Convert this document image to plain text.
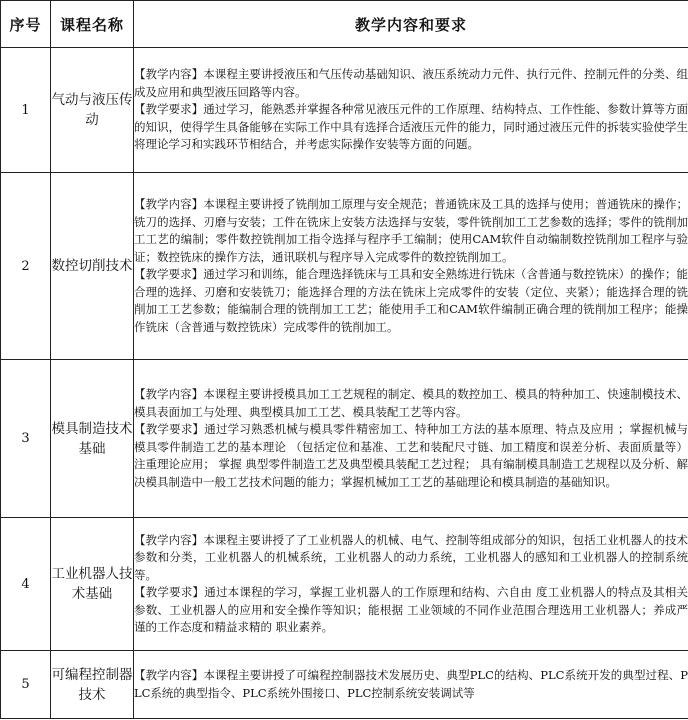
序号	课程名称	教学内容和要求
1	气动与液压传动	【教学内容】本课程主要讲授液压和气压传动基础知识、液压系统动力元件、执行元件、控制元件的分类、组成及应用和典型液压回路等内容。
【教学要求】通过学习，能熟悉并掌握各种常见液压元件的工作原理、结构特点、工作性能、参数计算等方面的知识，使得学生具备能够在实际工作中具有选择合适液压元件的能力，同时通过液压元件的拆装实验使学生将理论学习和实践环节相结合，并考虑实际操作安装等方面的问题。

2	数控切削技术	【教学内容】本课程主要讲授了铣削加工原理与安全规范；普通铣床及工具的选择与使用；普通铣床的操作；铣刀的选择、刃磨与安装；工件在铣床上安装方法选择与安装，零件铣削加工工艺参数的选择；零件的铣削加工工艺的编制；零件数控铣削加工指令选择与程序手工编制；使用CAM软件自动编制数控铣削加工程序与验证；数控铣床的操作方法，通讯联机与程序导入完成零件的数控铣削加工。
【教学要求】通过学习和训练，能合理选择铣床与工具和安全熟练进行铣床（含普通与数控铣床）的操作；能合理的选择、刃磨和安装铣刀；能选择合理的方法在铣床上完成零件的安装（定位、夹紧）；能选择合理的铣削加工工艺参数；能编制合理的铣削加工工艺；能使用手工和CAM软件编制正确合理的铣削加工程序；能操作铣床（含普通与数控铣床）完成零件的铣削加工。

3	模具制造技术基础	【教学内容】本课程主要讲授模具加工工艺规程的制定、模具的数控加工、模具的特种加工、快速制模技术、模具表面加工与处理、典型模具加工工艺、模具装配工艺等内容。
【教学要求】通过学习熟悉机械与模具零件精密加工、特种加工方法的基本原理、特点及应用 ；掌握机械与模具零件制造工艺的基本理论 （包括定位和基准、工艺和装配尺寸链、加工精度和误差分析、表面质量等）注重理论应用； 掌握 典型零件制造工艺及典型模具装配工艺过程； 具有编制模具制造工艺规程以及分析、解决模具制造中一般工艺技术问题的能力；掌握机械加工工艺的基础理论和模具制造的基础知识。

4	工业机器人技术基础	【教学内容】本课程主要讲授了了工业机器人的机械、电气、控制等组成部分的知识，包括工业机器人的技术参数和分类，工业机器人的机械系统，工业机器人的动力系统，工业机器人的感知和工业机器人的控制系统等。
【教学要求】通过本课程的学习，掌握工业机器人的工作原理和结构、六自由 度工业机器人的特点及其相关参数、工业机器人的应用和安全操作等知识；能根据 工业领域的不同作业范围合理选用工业机器人；养成严谨的工作态度和精益求精的 职业素养。

5	可编程控制器技术	【教学内容】本课程主要讲授了可编程控制器技术发展历史、典型PLC的结构、PLC系统开发的典型过程、PLC系统的典型指令、PLC系统外围接口、PLC控制系统安装调试等
